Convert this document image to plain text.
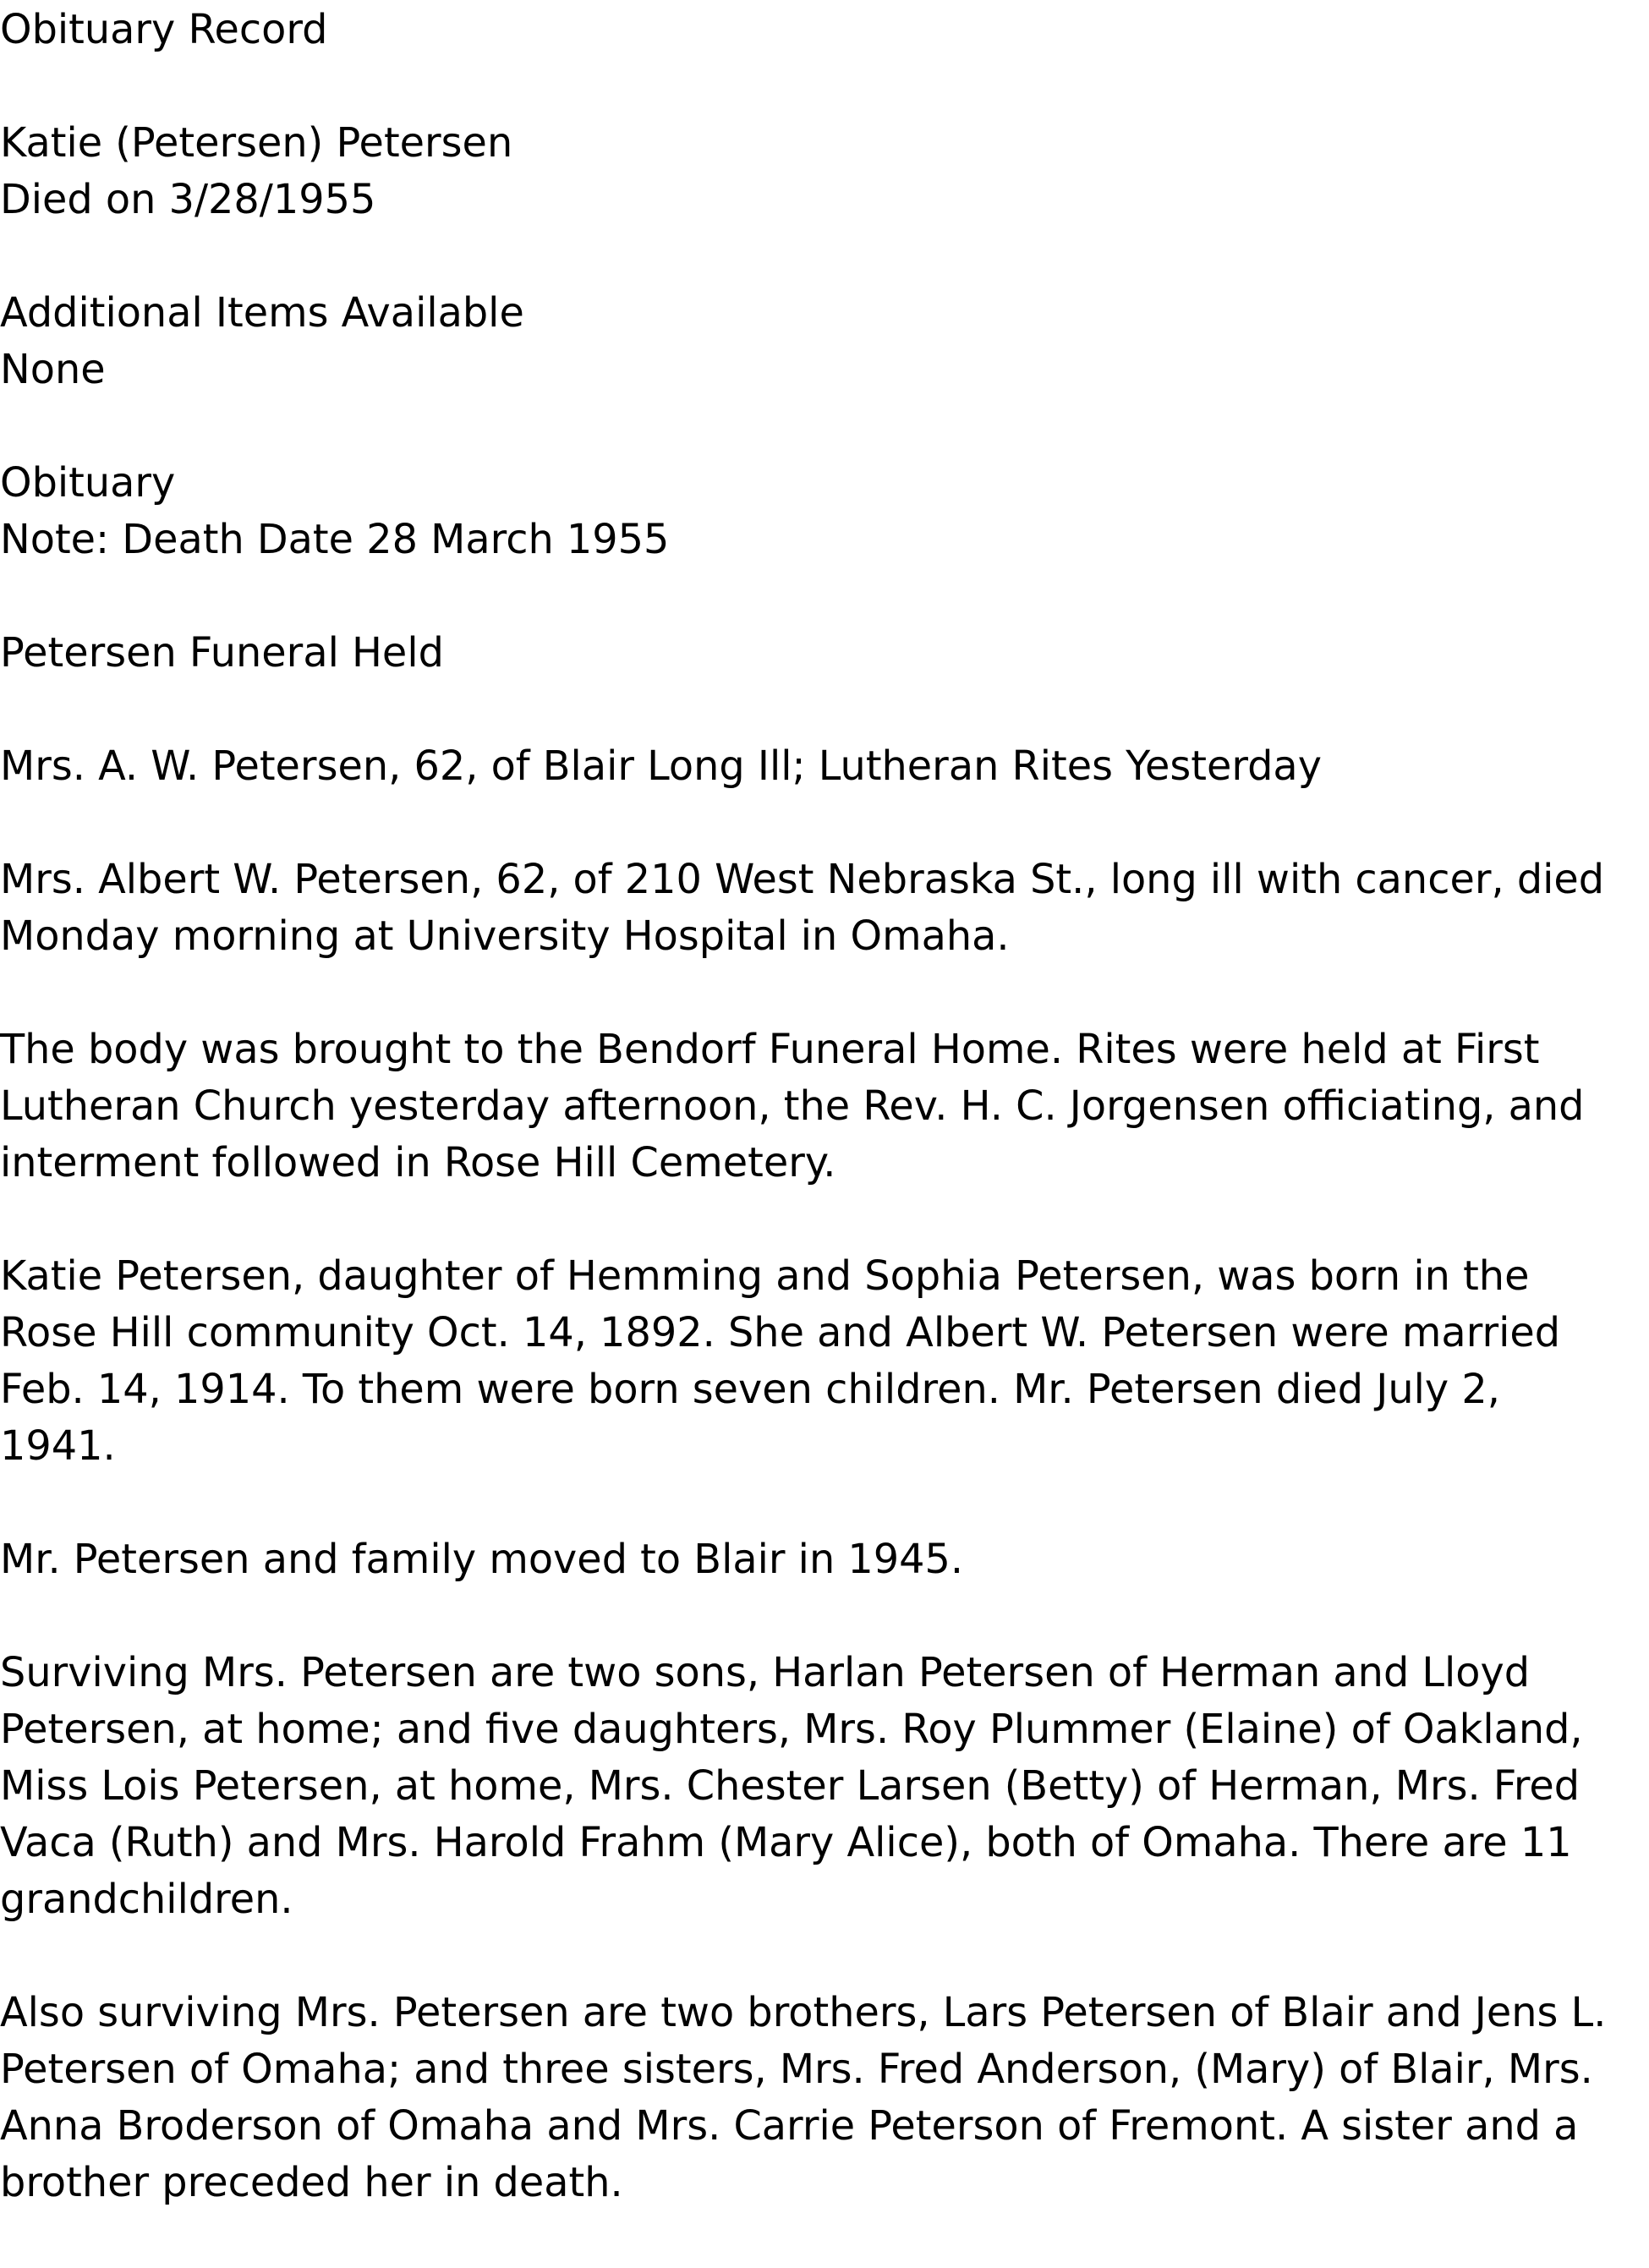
Obituary Record
Katie (Petersen) Petersen
Died on 3/28/1955
Additional Items Available
None
Obituary
Note: Death Date 28 March 1955
Petersen Funeral Held
Mrs. A. W. Petersen, 62, of Blair Long Ill; Lutheran Rites Yesterday
Mrs. Albert W. Petersen, 62, of 210 West Nebraska St., long ill with cancer, died
Monday morning at University Hospital in Omaha.
The body was brought to the Bendorf Funeral Home. Rites were held at First
Lutheran Church yesterday afternoon, the Rev. H. C. Jorgensen officiating, and
interment followed in Rose Hill Cemetery.
Katie Petersen, daughter of Hemming and Sophia Petersen, was born in the
Rose Hill community Oct. 14, 1892. She and Albert W. Petersen were married
Feb. 14, 1914. To them were born seven children. Mr. Petersen died July 2,
1941.
Mr. Petersen and family moved to Blair in 1945.
Surviving Mrs. Petersen are two sons, Harlan Petersen of Herman and Lloyd
Petersen, at home; and five daughters, Mrs. Roy Plummer (Elaine) of Oakland,
Miss Lois Petersen, at home, Mrs. Chester Larsen (Betty) of Herman, Mrs. Fred
Vaca (Ruth) and Mrs. Harold Frahm (Mary Alice), both of Omaha. There are 11
grandchildren.
Also surviving Mrs. Petersen are two brothers, Lars Petersen of Blair and Jens L.
Petersen of Omaha; and three sisters, Mrs. Fred Anderson, (Mary) of Blair, Mrs.
Anna Broderson of Omaha and Mrs. Carrie Peterson of Fremont. A sister and a
brother preceded her in death.
